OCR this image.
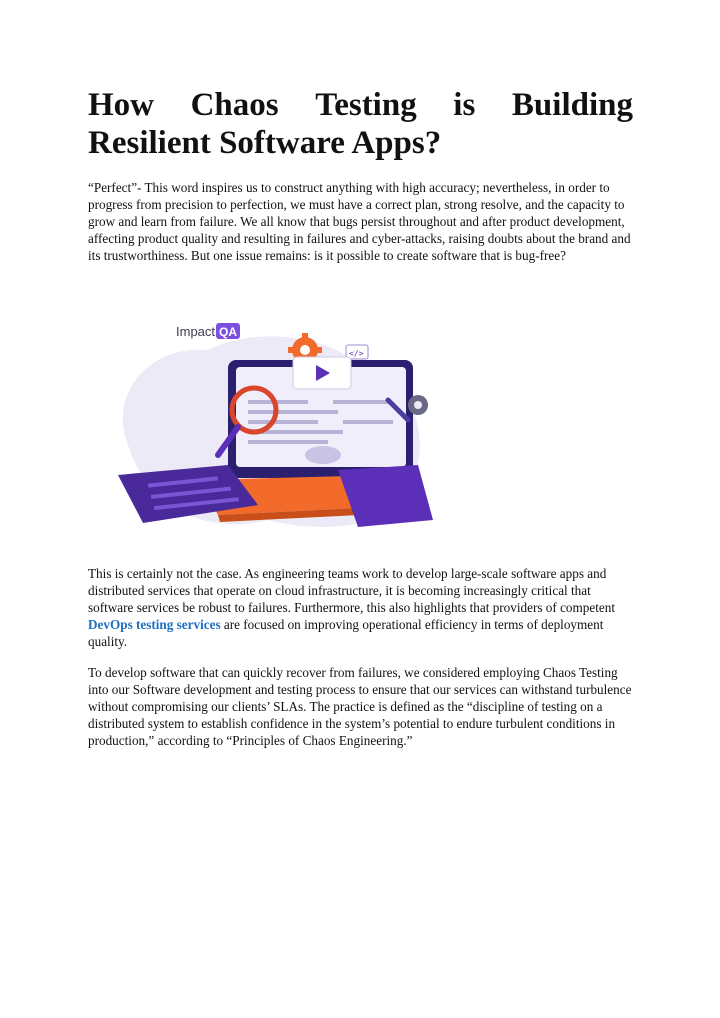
How Chaos Testing is Building
Resilient Software Apps?

“Perfect”- This word inspires us to construct anything with high accuracy; nevertheless, in order to progress from precision to perfection, we must have a correct plan, strong resolve, and the capacity to grow and learn from failure. We all know that bugs persist throughout and after product development, affecting product quality and resulting in failures and cyber-attacks, raising doubts about the brand and its trustworthiness. But one issue remains: is it possible to create software that is bug-free?

This is certainly not the case. As engineering teams work to develop large-scale software apps and distributed services that operate on cloud infrastructure, it is becoming increasingly critical that software services be robust to failures. Furthermore, this also highlights that providers of competent DevOps testing services are focused on improving operational efficiency in terms of deployment quality.

To develop software that can quickly recover from failures, we considered employing Chaos Testing into our Software development and testing process to ensure that our services can withstand turbulence without compromising our clients’ SLAs. The practice is defined as the “discipline of testing on a distributed system to establish confidence in the system’s potential to endure turbulent conditions in production,” according to “Principles of Chaos Engineering.”

Impact QA
</>
